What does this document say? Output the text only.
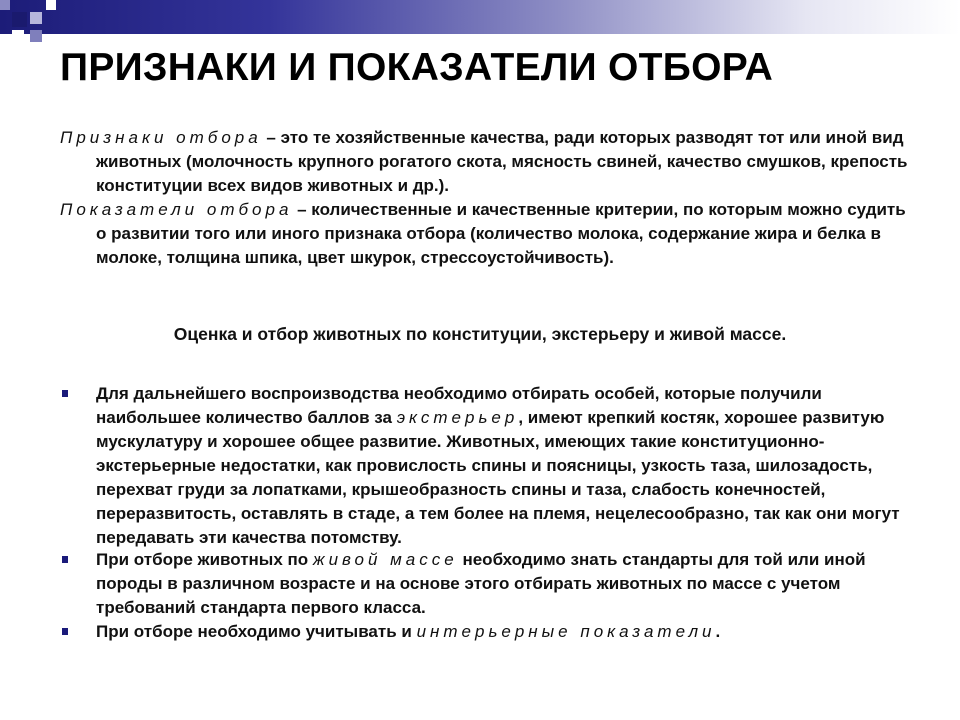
ПРИЗНАКИ И ПОКАЗАТЕЛИ ОТБОРА

Признаки отбора – это те хозяйственные качества, ради которых разводят тот или иной вид животных (молочность крупного рогатого скота, мясность свиней, качество смушков, крепость конституции всех видов животных и др.).

Показатели отбора – количественные и качественные критерии, по которым можно судить о развитии того или иного признака отбора (количество молока, содержание жира и белка в молоке, толщина шпика, цвет шкурок, стрессоустойчивость).

Оценка и отбор животных по конституции, экстерьеру и живой массе.
Для дальнейшего воспроизводства необходимо отбирать особей, которые получили наибольшее количество баллов за экстерьер, имеют крепкий костяк, хорошее развитую мускулатуру и хорошее общее развитие. Животных, имеющих такие конституционно-экстерьерные недостатки, как провислость спины и поясницы, узкость таза, шилозадость, перехват груди за лопатками, крышеобразность спины и таза, слабость конечностей, переразвитость, оставлять в стаде, а тем более на племя, нецелесообразно, так как они могут передавать эти качества потомству.
При отборе животных по живой массе необходимо знать стандарты для той или иной породы в различном возрасте и на основе этого отбирать животных по массе с учетом требований стандарта первого класса.
При отборе необходимо учитывать и интерьерные показатели.
